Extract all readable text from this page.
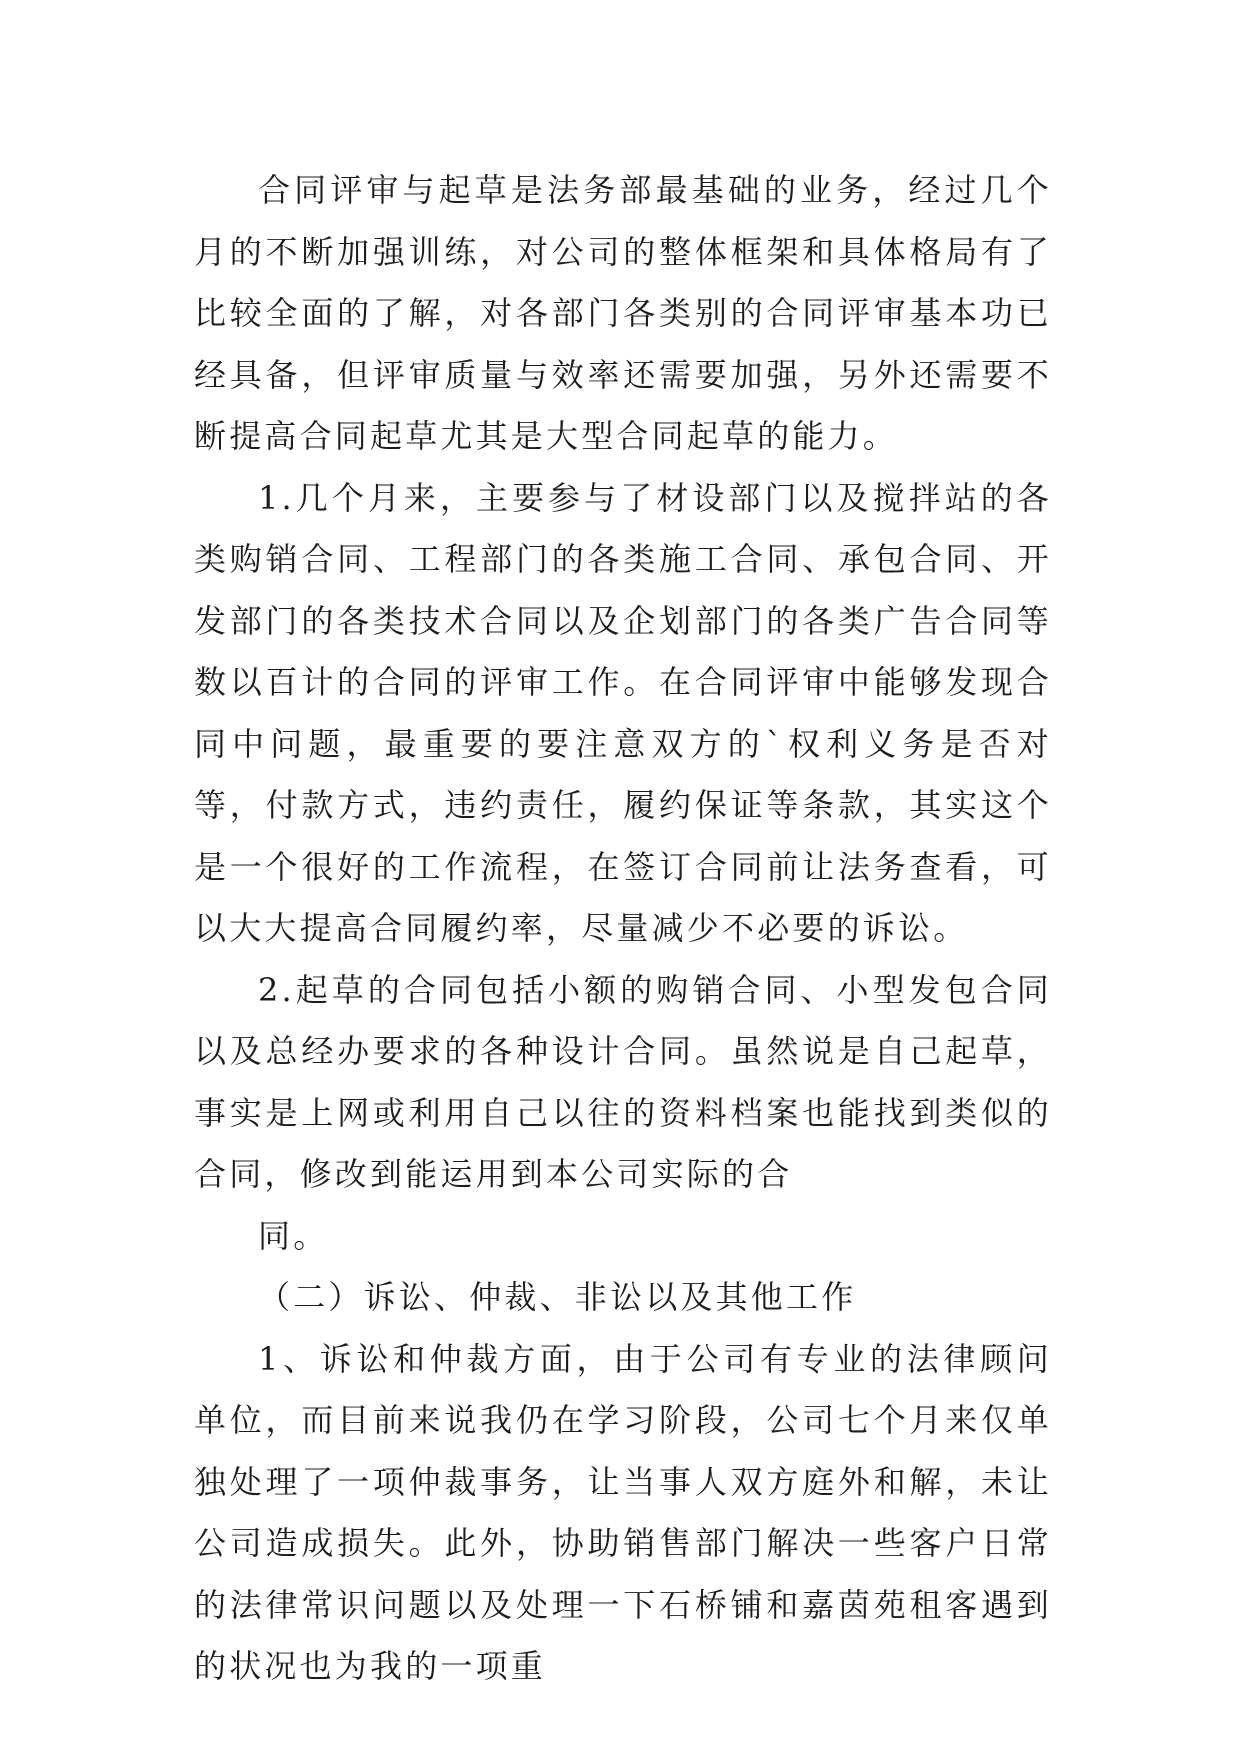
合同评审与起草是法务部最基础的业务，经过几个月的不断加强训练，对公司的整体框架和具体格局有了比较全面的了解，对各部门各类别的合同评审基本功已经具备，但评审质量与效率还需要加强，另外还需要不断提高合同起草尤其是大型合同起草的能力。

1.几个月来，主要参与了材设部门以及搅拌站的各类购销合同、工程部门的各类施工合同、承包合同、开发部门的各类技术合同以及企划部门的各类广告合同等数以百计的合同的评审工作。在合同评审中能够发现合同中问题，最重要的要注意双方的`权利义务是否对等，付款方式，违约责任，履约保证等条款，其实这个是一个很好的工作流程，在签订合同前让法务查看，可以大大提高合同履约率，尽量减少不必要的诉讼。

2.起草的合同包括小额的购销合同、小型发包合同以及总经办要求的各种设计合同。虽然说是自己起草，事实是上网或利用自己以往的资料档案也能找到类似的合同，修改到能运用到本公司实际的合

同。

（二）诉讼、仲裁、非讼以及其他工作

1、诉讼和仲裁方面，由于公司有专业的法律顾问单位，而目前来说我仍在学习阶段，公司七个月来仅单独处理了一项仲裁事务，让当事人双方庭外和解，未让公司造成损失。此外，协助销售部门解决一些客户日常的法律常识问题以及处理一下石桥铺和嘉茵苑租客遇到的状况也为我的一项重
